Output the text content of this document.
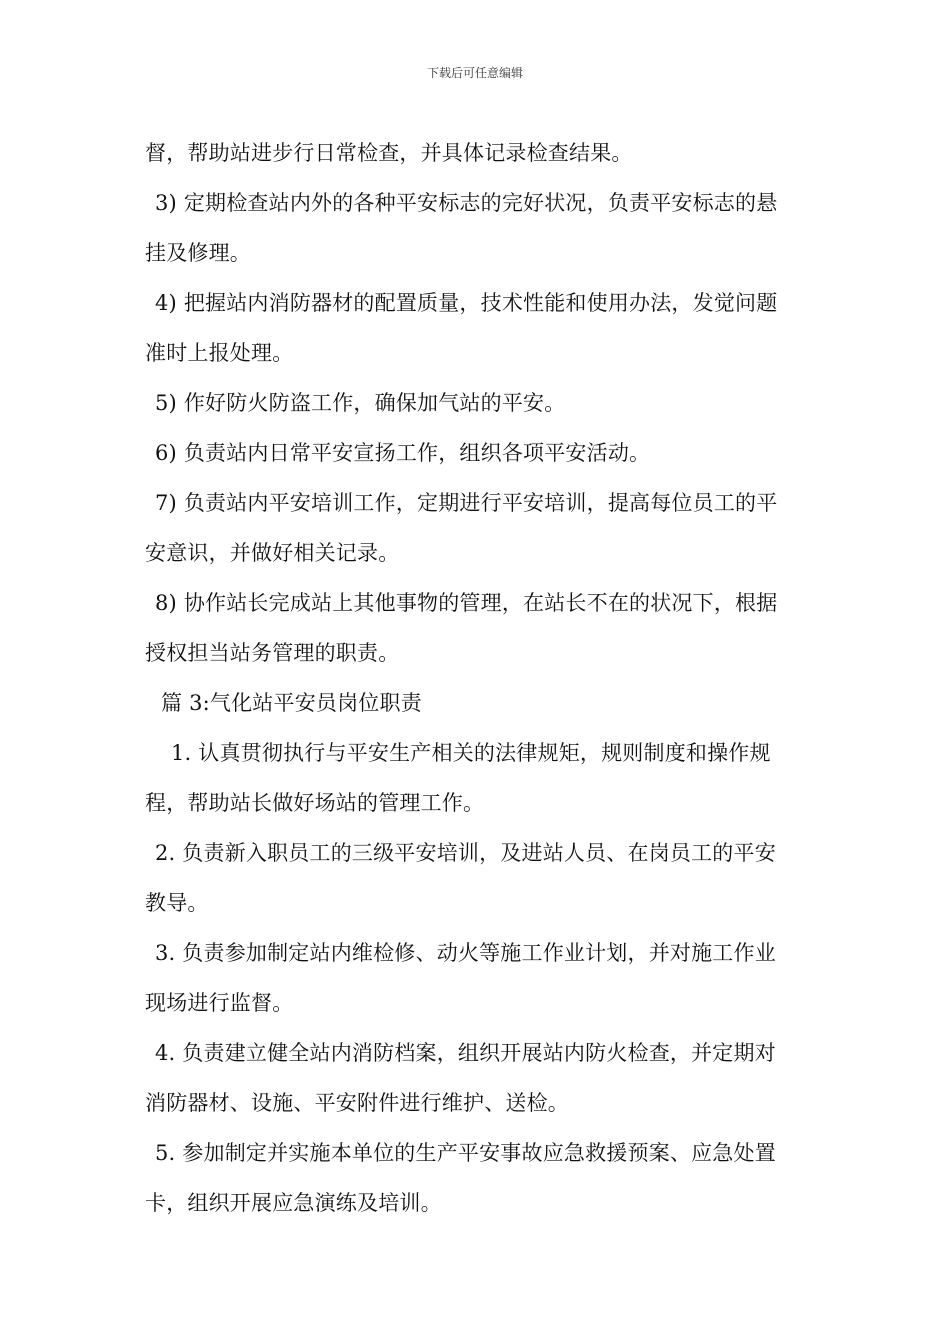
下载后可任意编辑
督，帮助站进步行日常检查，并具体记录检查结果。
3) 定期检查站内外的各种平安标志的完好状况，负责平安标志的悬
挂及修理。
4) 把握站内消防器材的配置质量，技术性能和使用办法，发觉问题
准时上报处理。
5) 作好防火防盗工作，确保加气站的平安。
6) 负责站内日常平安宣扬工作，组织各项平安活动。
7) 负责站内平安培训工作，定期进行平安培训，提高每位员工的平
安意识，并做好相关记录。
8) 协作站长完成站上其他事物的管理，在站长不在的状况下，根据
授权担当站务管理的职责。
篇 3:气化站平安员岗位职责
1. 认真贯彻执行与平安生产相关的法律规矩，规则制度和操作规
程，帮助站长做好场站的管理工作。
2. 负责新入职员工的三级平安培训，及进站人员、在岗员工的平安
教导。
3. 负责参加制定站内维检修、动火等施工作业计划，并对施工作业
现场进行监督。
4. 负责建立健全站内消防档案，组织开展站内防火检查，并定期对
消防器材、设施、平安附件进行维护、送检。
5. 参加制定并实施本单位的生产平安事故应急救援预案、应急处置
卡，组织开展应急演练及培训。
